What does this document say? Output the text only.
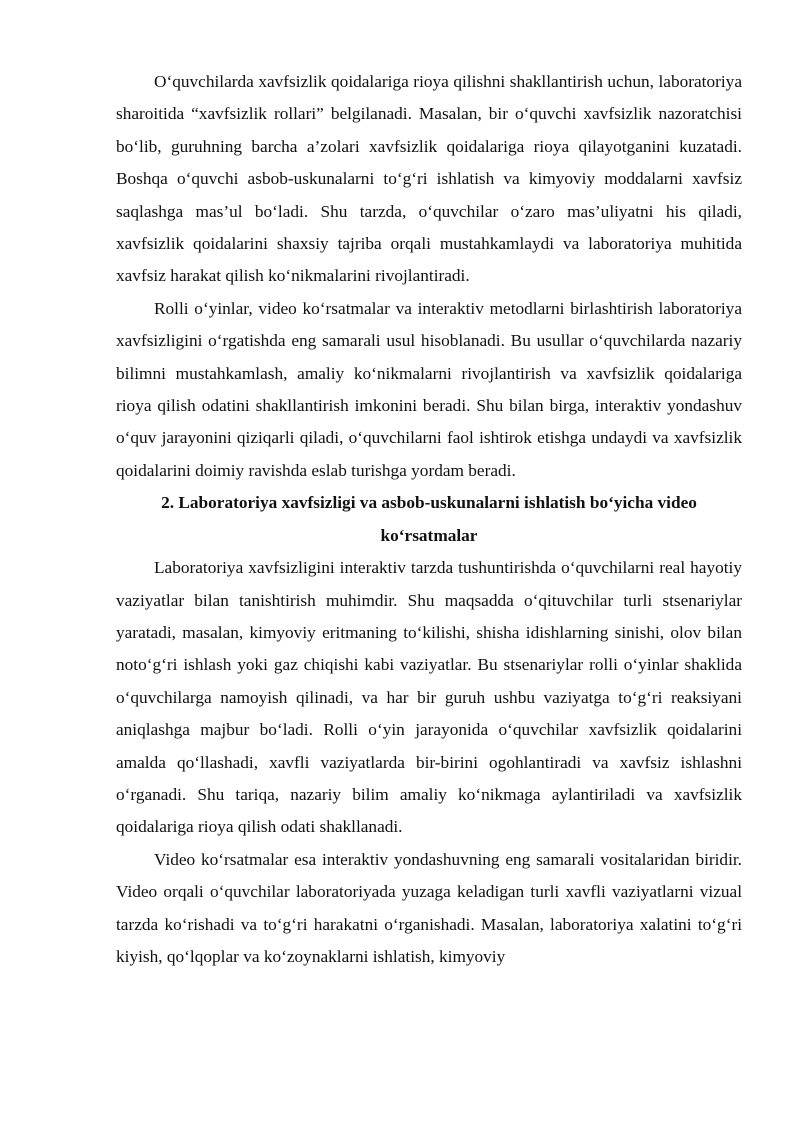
O‘quvchilarda xavfsizlik qoidalariga rioya qilishni shakllantirish uchun, laboratoriya sharoitida “xavfsizlik rollari” belgilanadi. Masalan, bir o‘quvchi xavfsizlik nazoratchisi bo‘lib, guruhning barcha a’zolari xavfsizlik qoidalariga rioya qilayotganini kuzatadi. Boshqa o‘quvchi asbob-uskunalarni to‘g‘ri ishlatish va kimyoviy moddalarni xavfsiz saqlashga mas’ul bo‘ladi. Shu tarzda, o‘quvchilar o‘zaro mas’uliyatni his qiladi, xavfsizlik qoidalarini shaxsiy tajriba orqali mustahkamlaydi va laboratoriya muhitida xavfsiz harakat qilish ko‘nikmalarini rivojlantiradi.

Rolli o‘yinlar, video ko‘rsatmalar va interaktiv metodlarni birlashtirish laboratoriya xavfsizligini o‘rgatishda eng samarali usul hisoblanadi. Bu usullar o‘quvchilarda nazariy bilimni mustahkamlash, amaliy ko‘nikmalarni rivojlantirish va xavfsizlik qoidalariga rioya qilish odatini shakllantirish imkonini beradi. Shu bilan birga, interaktiv yondashuv o‘quv jarayonini qiziqarli qiladi, o‘quvchilarni faol ishtirok etishga undaydi va xavfsizlik qoidalarini doimiy ravishda eslab turishga yordam beradi.

2. Laboratoriya xavfsizligi va asbob-uskunalarni ishlatish bo‘yicha video
ko‘rsatmalar

Laboratoriya xavfsizligini interaktiv tarzda tushuntirishda o‘quvchilarni real hayotiy vaziyatlar bilan tanishtirish muhimdir. Shu maqsadda o‘qituvchilar turli stsenariylar yaratadi, masalan, kimyoviy eritmaning to‘kilishi, shisha idishlarning sinishi, olov bilan noto‘g‘ri ishlash yoki gaz chiqishi kabi vaziyatlar. Bu stsenariylar rolli o‘yinlar shaklida o‘quvchilarga namoyish qilinadi, va har bir guruh ushbu vaziyatga to‘g‘ri reaksiyani aniqlashga majbur bo‘ladi. Rolli o‘yin jarayonida o‘quvchilar xavfsizlik qoidalarini amalda qo‘llashadi, xavfli vaziyatlarda bir-birini ogohlantiradi va xavfsiz ishlashni o‘rganadi. Shu tariqa, nazariy bilim amaliy ko‘nikmaga aylantiriladi va xavfsizlik qoidalariga rioya qilish odati shakllanadi.

Video ko‘rsatmalar esa interaktiv yondashuvning eng samarali vositalaridan biridir. Video orqali o‘quvchilar laboratoriyada yuzaga keladigan turli xavfli vaziyatlarni vizual tarzda ko‘rishadi va to‘g‘ri harakatni o‘rganishadi. Masalan, laboratoriya xalatini to‘g‘ri kiyish, qo‘lqoplar va ko‘zoynaklarni ishlatish, kimyoviy
